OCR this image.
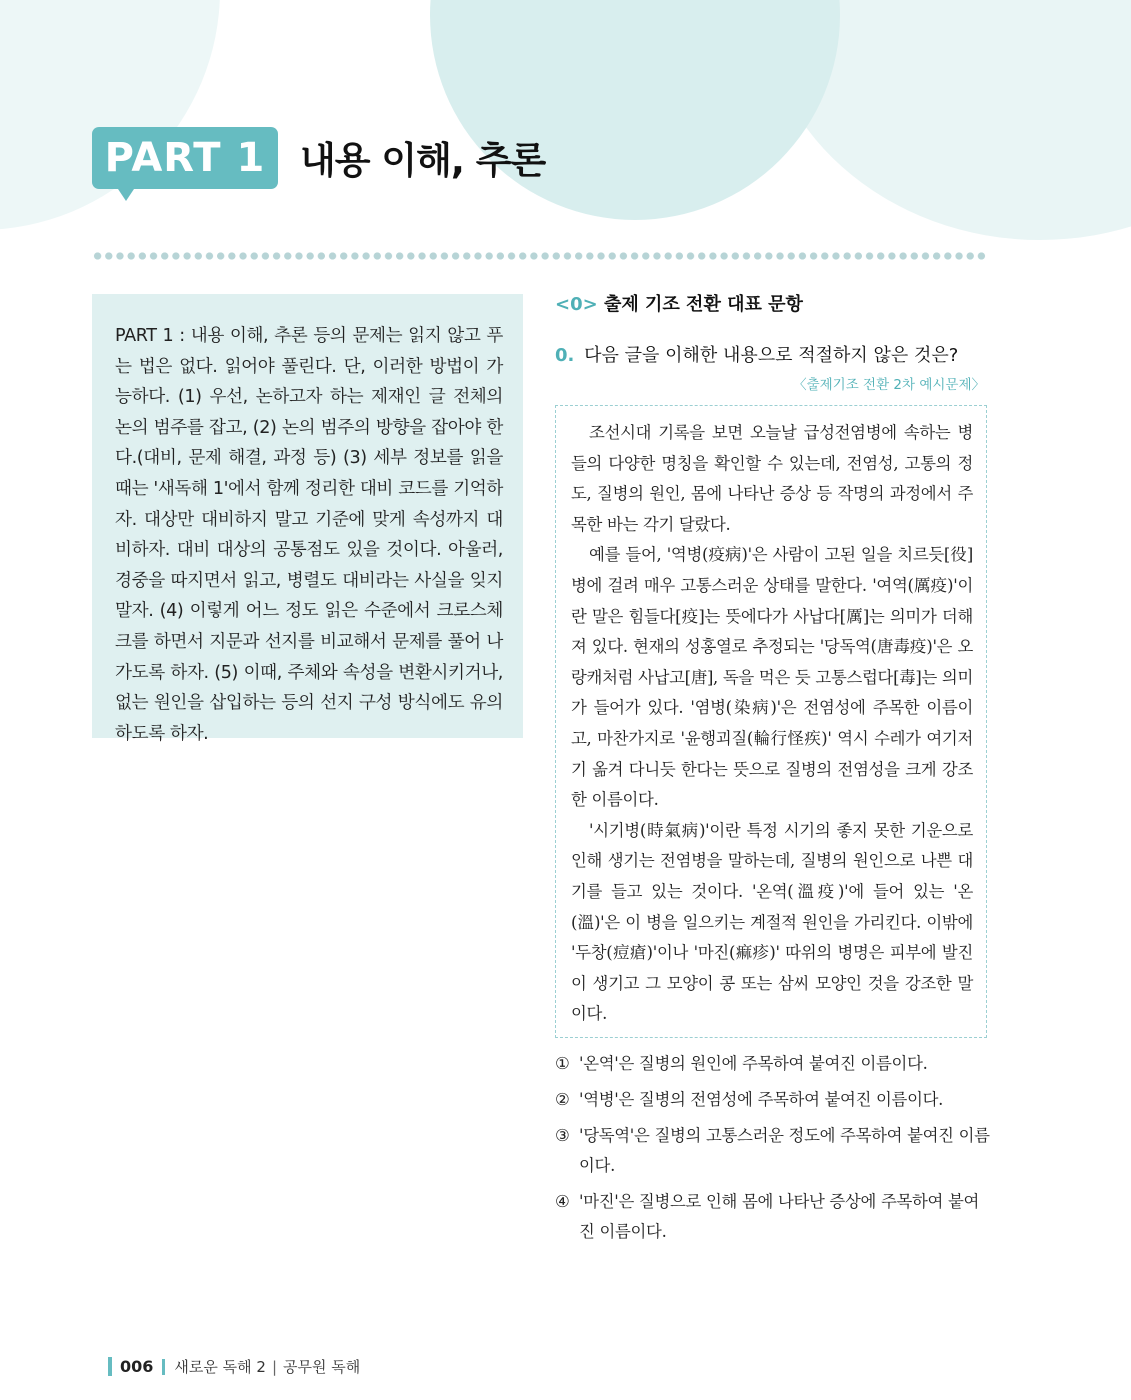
PART 1 내용 이해, 추론
PART 1 : 내용 이해, 추론 등의 문제는 읽지 않고 푸는 법은 없다. 읽어야 풀린다. 단, 이러한 방법이 가능하다. (1) 우선, 논하고자 하는 제재인 글 전체의 논의 범주를 잡고, (2) 논의 범주의 방향을 잡아야 한다.(대비, 문제 해결, 과정 등) (3) 세부 정보를 읽을 때는 '새독해 1'에서 함께 정리한 대비 코드를 기억하자. 대상만 대비하지 말고 기준에 맞게 속성까지 대비하자. 대비 대상의 공통점도 있을 것이다. 아울러, 경중을 따지면서 읽고, 병렬도 대비라는 사실을 잊지 말자. (4) 이렇게 어느 정도 읽은 수준에서 크로스체크를 하면서 지문과 선지를 비교해서 문제를 풀어 나가도록 하자. (5) 이때, 주체와 속성을 변환시키거나, 없는 원인을 삽입하는 등의 선지 구성 방식에도 유의하도록 하자.
<0> 출제 기조 전환 대표 문항
0. 다음 글을 이해한 내용으로 적절하지 않은 것은?
〈출제기조 전환 2차 예시문제〉

조선시대 기록을 보면 오늘날 급성전염병에 속하는 병들의 다양한 명칭을 확인할 수 있는데, 전염성, 고통의 정도, 질병의 원인, 몸에 나타난 증상 등 작명의 과정에서 주목한 바는 각기 달랐다.

예를 들어, '역병(疫病)'은 사람이 고된 일을 치르듯[役] 병에 걸려 매우 고통스러운 상태를 말한다. '여역(厲疫)'이란 말은 힘들다[疫]는 뜻에다가 사납다[厲]는 의미가 더해져 있다. 현재의 성홍열로 추정되는 '당독역(唐毒疫)'은 오랑캐처럼 사납고[唐], 독을 먹은 듯 고통스럽다[毒]는 의미가 들어가 있다. '염병(染病)'은 전염성에 주목한 이름이고, 마찬가지로 '윤행괴질(輪行怪疾)' 역시 수레가 여기저기 옮겨 다니듯 한다는 뜻으로 질병의 전염성을 크게 강조한 이름이다.

'시기병(時氣病)'이란 특정 시기의 좋지 못한 기운으로 인해 생기는 전염병을 말하는데, 질병의 원인으로 나쁜 대기를 들고 있는 것이다. '온역(溫疫)'에 들어 있는 '온(溫)'은 이 병을 일으키는 계절적 원인을 가리킨다. 이밖에 '두창(痘瘡)'이나 '마진(痲疹)' 따위의 병명은 피부에 발진이 생기고 그 모양이 콩 또는 삼씨 모양인 것을 강조한 말이다.

① '온역'은 질병의 원인에 주목하여 붙여진 이름이다.
② '역병'은 질병의 전염성에 주목하여 붙여진 이름이다.
③ '당독역'은 질병의 고통스러운 정도에 주목하여 붙여진 이름이다.
④ '마진'은 질병으로 인해 몸에 나타난 증상에 주목하여 붙여진 이름이다.
006 새로운 독해 2 | 공무원 독해
